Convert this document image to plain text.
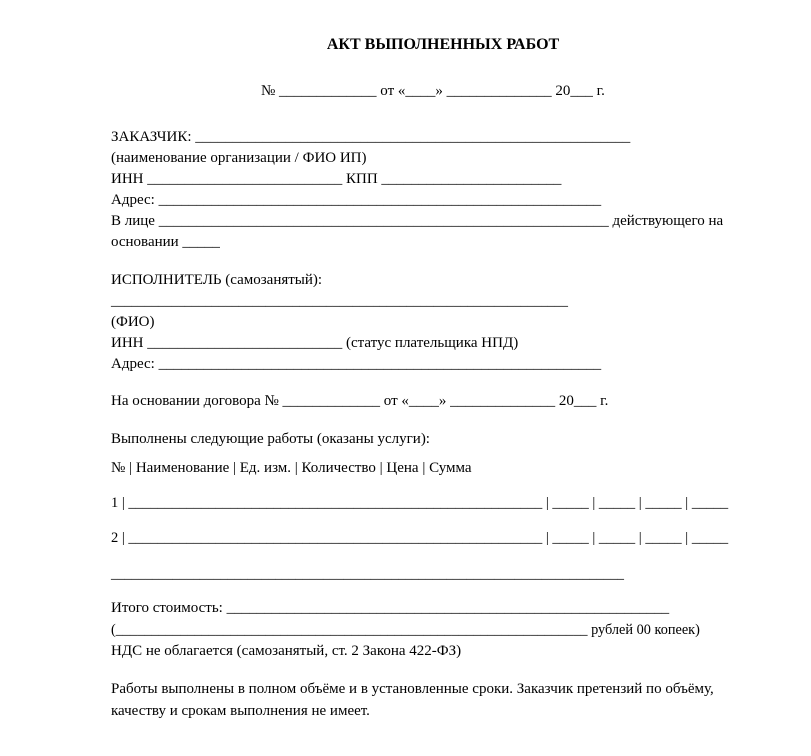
АКТ ВЫПОЛНЕННЫХ РАБОТ
№ _____________ от «____» ______________ 20___ г.
ЗАКАЗЧИК: __________________________________________________________
(наименование организации / ФИО ИП)
ИНН __________________________ КПП ________________________
Адрес: ___________________________________________________________
В лице ____________________________________________________________ действующего на
основании _____
ИСПОЛНИТЕЛЬ (самозанятый):
____________________________________________________________________
(ФИО)
ИНН __________________________ (статус плательщика НПД)
Адрес: ___________________________________________________________
На основании договора № _____________ от «____» ______________ 20___ г.
Выполнены следующие работы (оказаны услуги):
№ | Наименование | Ед. изм. | Количество | Цена | Сумма
1 | _________________________________________________________ | _____ | _____ | _____ | _____
2 | _________________________________________________________ | _____ | _____ | _____ | _____
___________________________________________________________________________
Итого стоимость: ___________________________________________________________
(__________________________________________________________________ рублей 00 копеек)
НДС не облагается (самозанятый, ст. 2 Закона 422-ФЗ)
Работы выполнены в полном объёме и в установленные сроки. Заказчик претензий по объёму,
качеству и срокам выполнения не имеет.
